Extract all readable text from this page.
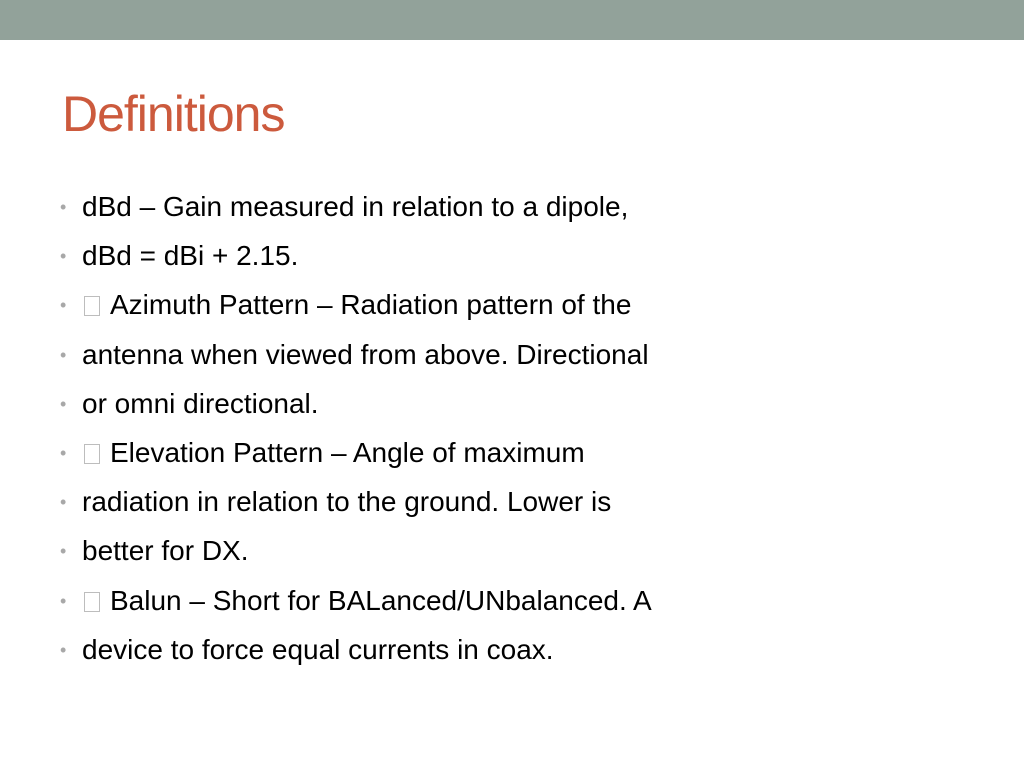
Definitions
• dBd – Gain measured in relation to a dipole,
• dBd = dBi + 2.15.
•	Azimuth Pattern – Radiation pattern of the
• antenna when viewed from above. Directional
• or omni directional.
•	Elevation Pattern – Angle of maximum
• radiation in relation to the ground. Lower is
• better for DX.
•	Balun – Short for BALanced/UNbalanced. A
• device to force equal currents in coax.
